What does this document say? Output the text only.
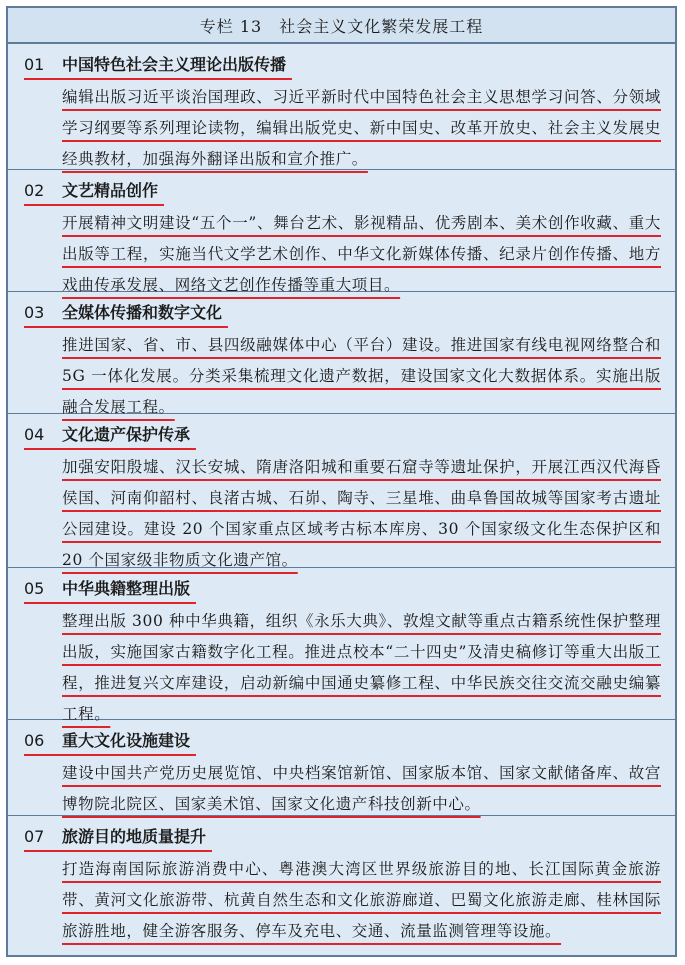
专栏 13　社会主义文化繁荣发展工程
01	中国特色社会主义理论出版传播
编辑出版习近平谈治国理政、习近平新时代中国特色社会主义思想学习问答、分领域学习纲要等系列理论读物，编辑出版党史、新中国史、改革开放史、社会主义发展史经典教材，加强海外翻译出版和宣介推广。
02	文艺精品创作
开展精神文明建设“五个一”、舞台艺术、影视精品、优秀剧本、美术创作收藏、重大出版等工程，实施当代文学艺术创作、中华文化新媒体传播、纪录片创作传播、地方戏曲传承发展、网络文艺创作传播等重大项目。
03	全媒体传播和数字文化
推进国家、省、市、县四级融媒体中心（平台）建设。推进国家有线电视网络整合和 5G 一体化发展。分类采集梳理文化遗产数据，建设国家文化大数据体系。实施出版融合发展工程。
04	文化遗产保护传承
加强安阳殷墟、汉长安城、隋唐洛阳城和重要石窟寺等遗址保护，开展江西汉代海昏侯国、河南仰韶村、良渚古城、石峁、陶寺、三星堆、曲阜鲁国故城等国家考古遗址公园建设。建设 20 个国家重点区域考古标本库房、30 个国家级文化生态保护区和 20 个国家级非物质文化遗产馆。
05	中华典籍整理出版
整理出版 300 种中华典籍，组织《永乐大典》、敦煌文献等重点古籍系统性保护整理出版，实施国家古籍数字化工程。推进点校本“二十四史”及清史稿修订等重大出版工程，推进复兴文库建设，启动新编中国通史纂修工程、中华民族交往交流交融史编纂工程。
06	重大文化设施建设
建设中国共产党历史展览馆、中央档案馆新馆、国家版本馆、国家文献储备库、故宫博物院北院区、国家美术馆、国家文化遗产科技创新中心。
07	旅游目的地质量提升
打造海南国际旅游消费中心、粤港澳大湾区世界级旅游目的地、长江国际黄金旅游带、黄河文化旅游带、杭黄自然生态和文化旅游廊道、巴蜀文化旅游走廊、桂林国际旅游胜地，健全游客服务、停车及充电、交通、流量监测管理等设施。
